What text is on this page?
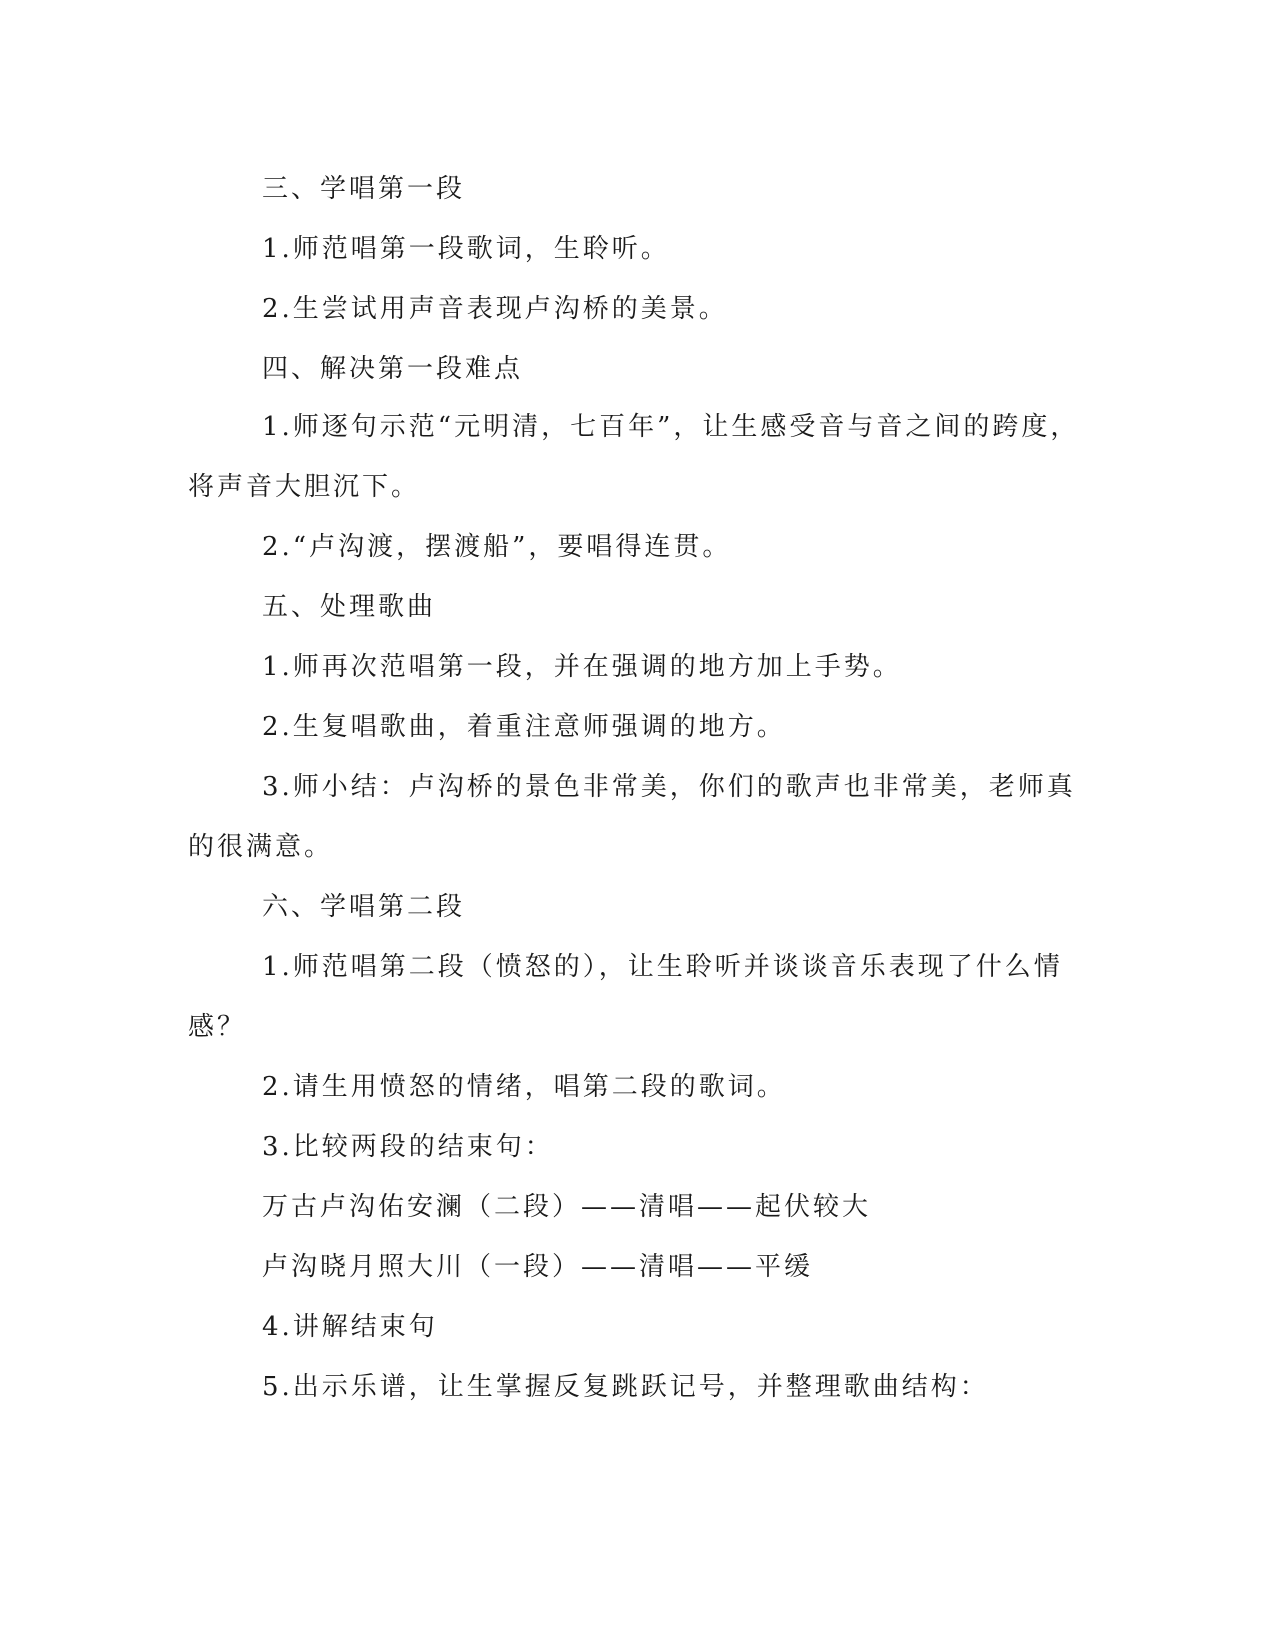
三、学唱第一段
1.师范唱第一段歌词，生聆听。
2.生尝试用声音表现卢沟桥的美景。
四、解决第一段难点
1.师逐句示范“元明清，七百年”，让生感受音与音之间的跨度，
将声音大胆沉下。
2.“卢沟渡，摆渡船”，要唱得连贯。
五、处理歌曲
1.师再次范唱第一段，并在强调的地方加上手势。
2.生复唱歌曲，着重注意师强调的地方。
3.师小结：卢沟桥的景色非常美，你们的歌声也非常美，老师真
的很满意。
六、学唱第二段
1.师范唱第二段（愤怒的），让生聆听并谈谈音乐表现了什么情
感？
2.请生用愤怒的情绪，唱第二段的歌词。
3.比较两段的结束句：
万古卢沟佑安澜（二段）——清唱——起伏较大
卢沟晓月照大川（一段）——清唱——平缓
4.讲解结束句
5.出示乐谱，让生掌握反复跳跃记号，并整理歌曲结构：
